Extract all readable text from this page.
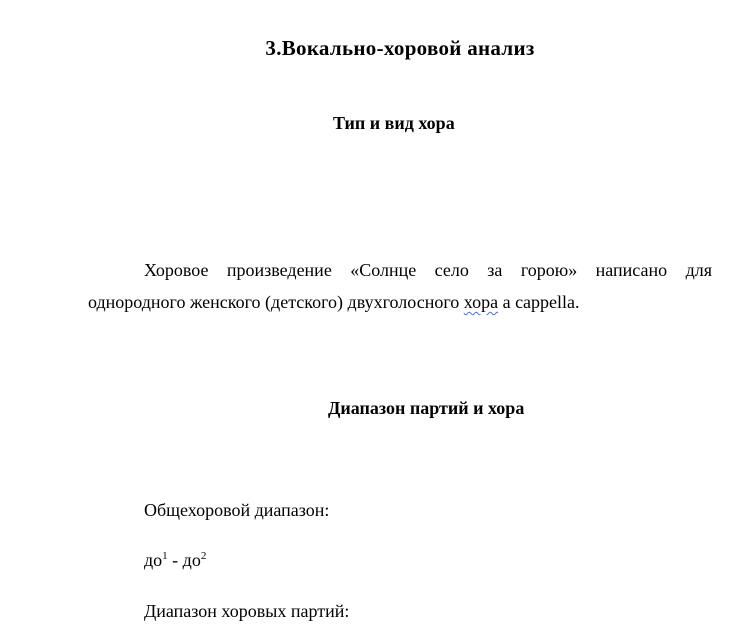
3.Вокально-хоровой анализ
Тип и вид хора
Хоровое произведение «Солнце село за горою» написано для
однородного женского (детского) двухголосного хора a cappella.
Диапазон партий и хора
Общехоровой диапазон:
$до^1 - до^2$
Диапазон хоровых партий:
